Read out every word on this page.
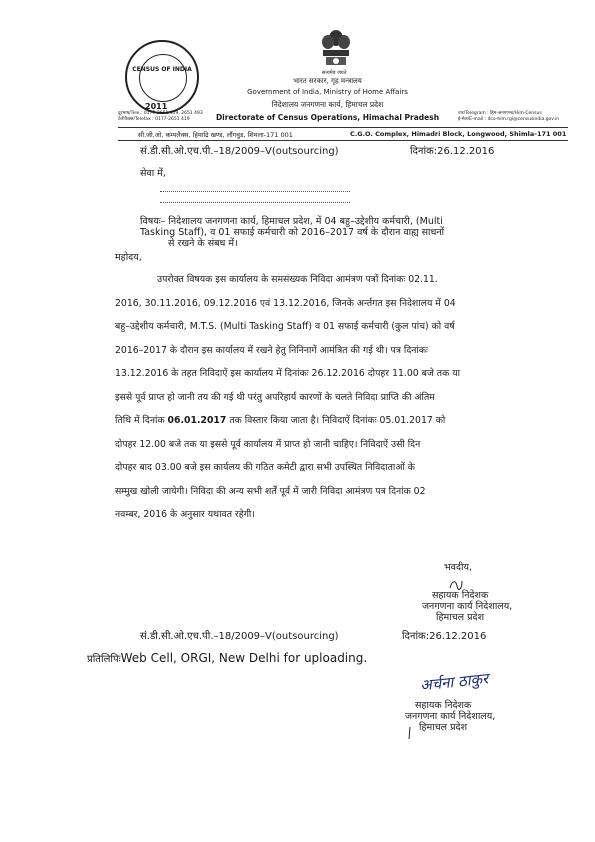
CENSUS OF INDIA
2011
सत्यमेव जयते
भारत सरकार, गृह मन्त्रालय
Government of India, Ministry of Home Affairs
निदेशालय जनगणना कार्य, हिमाचल प्रदेश
Directorate of Census Operations, Himachal Pradesh
दूरभाष/Tele.: 0177-2651 419, 2651 493
टेलीफैक्स/Telefax : 0177-2651 419
तार/Telegram : हिम-जनगणना/Him-Census
ई-मेल/E-mail : dco-him.rgi@censusindia.gov.in
सी.जी.ओ. कम्पलैक्स, हिमाद्रि खण्ड, लौंगवुड, शिमला-171 001	C.G.O. Complex, Himadri Block, Longwood, Shimla-171 001
सं.डी.सी.ओ.एच.पी.–18/2009–V(outsourcing)	दिनांक:26.12.2016
सेवा में,
विषयः– निदेशालय जनगणना कार्य, हिमाचल प्रदेश, में 04 बहु–उद्देशीय कर्मचारी, (Multi
Tasking Staff), व 01 सफाई कर्मचारी को 2016–2017 वर्ष के दौरान वाह्य साधनों
से रखने के संबध में।
महोदय,
उपरोक्त विषयक इस कार्यालय के समसंख्यक निविदा आमंत्रण पत्रों दिनांकः 02.11.
2016, 30.11.2016, 09.12.2016 एवं 13.12.2016, जिनके अर्न्तगत इस निदेशालय में 04
बहु–उद्देशीय कर्मचारी, M.T.S. (Multi Tasking Staff) व 01 सफाई कर्मचारी (कुल पांच) को वर्ष
2016–2017 के दौरान इस कार्यालय में रखने हेतु निनिनागें आमंत्रित की गई थी। पत्र दिनांकः
13.12.2016 के तहत निविदाऐं इस कार्यालय में दिनांकः 26.12.2016 दोपहर 11.00 बजे तक या
इससे पूर्व प्राप्त हो जानी तय की गई थी परंतु अपरिहार्य कारणों के चलते निविदा प्राप्ति की अंतिम
तिथि में दिनांक 06.01.2017 तक विस्तार किया जाता है। निविदाऐं दिनांकः 05.01.2017 को
दोपहर 12.00 बजे तक या इससे पूर्व कार्यालय में प्राप्त हो जानी चाहिए। निविदाऐं उसी दिन
दोपहर बाद 03.00 बजे इस कार्यलय की गठित कमेटी द्वारा सभी उपस्थित निविदाताओं के
सम्मुख खोली जायेगी। निविदा की अन्य सभी शर्तें पूर्व में जारी निविदा आमंत्रण पत्र दिनांक 02
नवम्बर, 2016 के अनुसार यथावत रहेगी।
भवदीय,
सहायक निदेशक
जनगणना कार्य निदेशालय,
हिमाचल प्रदेश
सं.डी.सी.ओ.एच.पी.–18/2009–V(outsourcing)	दिनांक:26.12.2016
प्रतिलिपिःWeb Cell, ORGI, New Delhi for uploading.
अर्चना ठाकुर
सहायक निदेशक
जनगणना कार्य निदेशालय,
हिमाचल प्रदेश
